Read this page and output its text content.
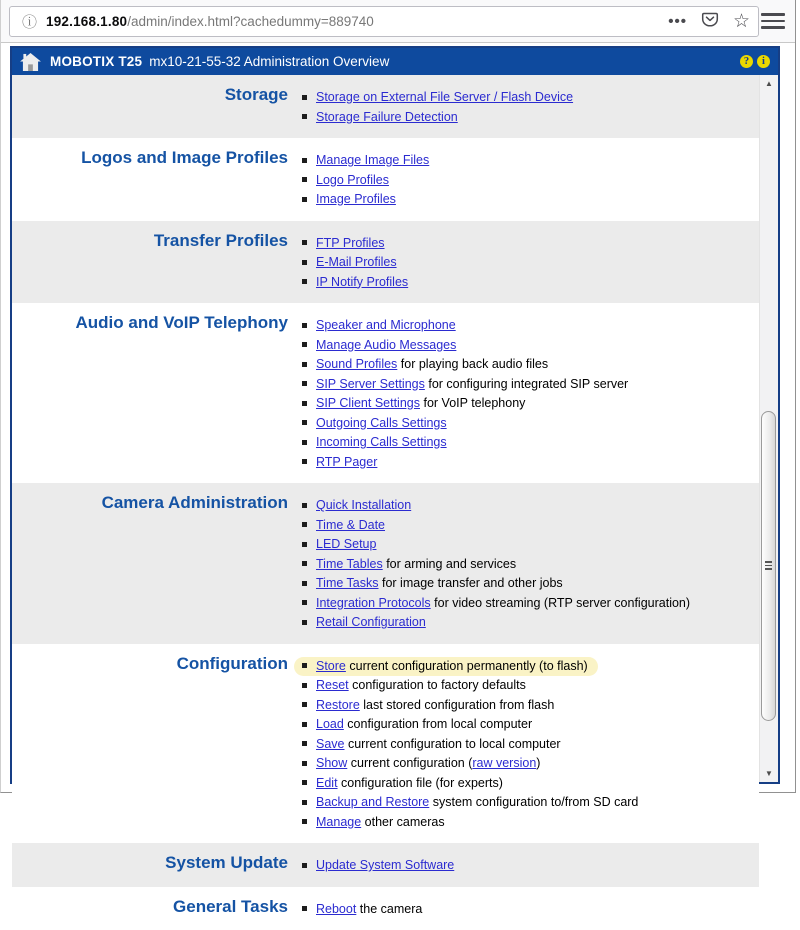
ⓘ 192.168.1.80/admin/index.html?cachedummy=889740	••• ☆
MOBOTIX T25 mx10-21-55-32 Administration Overview	?	i
Storage	Storage on External File Server / Flash Device
Storage Failure Detection
Logos and Image Profiles	Manage Image Files
Logo Profiles
Image Profiles
Transfer Profiles	FTP Profiles
E-Mail Profiles
IP Notify Profiles
Audio and VoIP Telephony	Speaker and Microphone
Manage Audio Messages
Sound Profiles for playing back audio files
SIP Server Settings for configuring integrated SIP server
SIP Client Settings for VoIP telephony
Outgoing Calls Settings
Incoming Calls Settings
RTP Pager
Camera Administration	Quick Installation
Time & Date
LED Setup
Time Tables for arming and services
Time Tasks for image transfer and other jobs
Integration Protocols for video streaming (RTP server configuration)
Retail Configuration
Configuration	Store current configuration permanently (to flash)
Reset configuration to factory defaults
Restore last stored configuration from flash
Load configuration from local computer
Save current configuration to local computer
Show current configuration ( raw version )
Edit configuration file (for experts)
Backup and Restore system configuration to/from SD card
Manage other cameras
System Update	Update System Software
General Tasks	Reboot the camera
▲
▼
